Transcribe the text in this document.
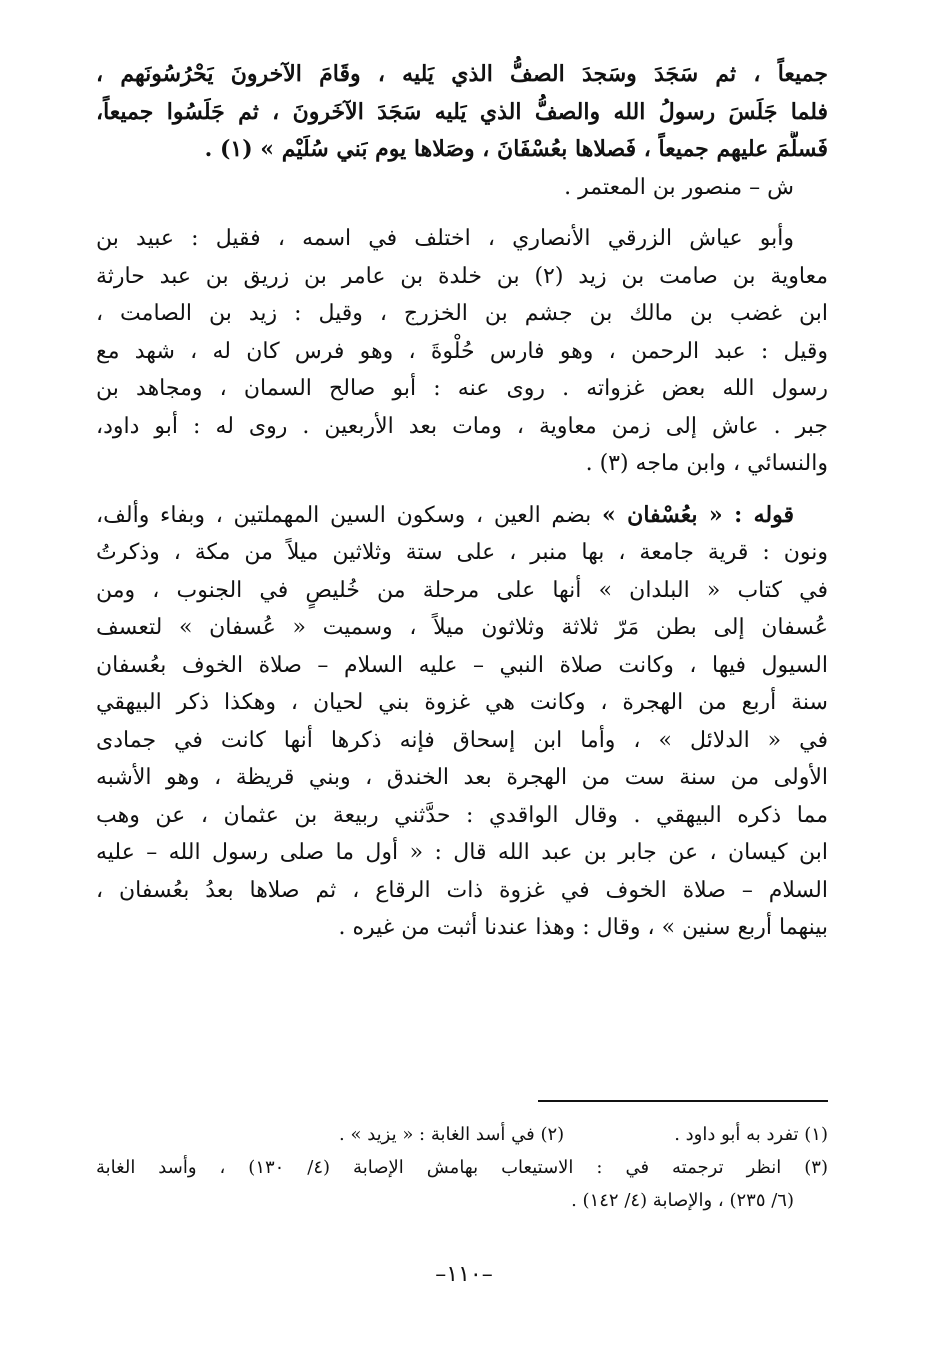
جميعاً ، ثم سَجَدَ وسَجدَ الصفُّ الذي يَليه ، وقَامَ الآخرونَ يَحْرُسُونَهم ،
فلما جَلَسَ رسولُ الله والصفُّ الذي يَليه سَجَدَ الآخَرونَ ، ثم جَلَسُوا جميعاً،
فَسلَّمَ عليهم جميعاً ، فَصلاها بعُسْفَانَ ، وصَلاها يوم بَني سُلَيْم » (١) .
ش – منصور بن المعتمر .
وأبو عياش الزرقي الأنصاري ، اختلف في اسمه ، فقيل : عبيد بن
معاوية بن صامت بن زيد (٢) بن خلدة بن عامر بن زريق بن عبد حارثة
ابن غضب بن مالك بن جشم بن الخزرج ، وقيل : زيد بن الصامت ،
وقيل : عبد الرحمن ، وهو فارس حُلْوةَ ، وهو فرس كان له ، شهد مع
رسول الله بعض غزواته . روى عنه : أبو صالح السمان ، ومجاهد بن
جبر . عاش إلى زمن معاوية ، ومات بعد الأربعين . روى له : أبو داود،
والنسائي ، وابن ماجه (٣) .
قوله : « بعُسْفان » بضم العين ، وسكون السين المهملتين ، وبفاء وألف،
ونون : قرية جامعة ، بها منبر ، على ستة وثلاثين ميلاً من مكة ، وذكرتُ
في كتاب « البلدان » أنها على مرحلة من خُليصٍ في الجنوب ، ومن
عُسفان إلى بطن مَرّ ثلاثة وثلاثون ميلاً ، وسميت « عُسفان » لتعسف
السيول فيها ، وكانت صلاة النبي – عليه السلام – صلاة الخوف بعُسفان
سنة أربع من الهجرة ، وكانت هي غزوة بني لحيان ، وهكذا ذكر البيهقي
في « الدلائل » ، وأما ابن إسحاق فإنه ذكرها أنها كانت في جمادى
الأولى من سنة ست من الهجرة بعد الخندق ، وبني قريظة ، وهو الأشبه
مما ذكره البيهقي . وقال الواقدي : حدَّثني ربيعة بن عثمان ، عن وهب
ابن كيسان ، عن جابر بن عبد الله قال : « أول ما صلى رسول الله – عليه
السلام – صلاة الخوف في غزوة ذات الرقاع ، ثم صلاها بعدُ بعُسفان ،
بينهما أربع سنين » ، وقال : وهذا عندنا أثبت من غيره .
(١) تفرد به أبو داود .
(٢) في أسد الغابة : « يزيد » .
(٣) انظر ترجمته في : الاستيعاب بهامش الإصابة (٤/ ١٣٠) ، وأسد الغابة
(٦/ ٢٣٥) ، والإصابة (٤/ ١٤٢) .
–١١٠–
